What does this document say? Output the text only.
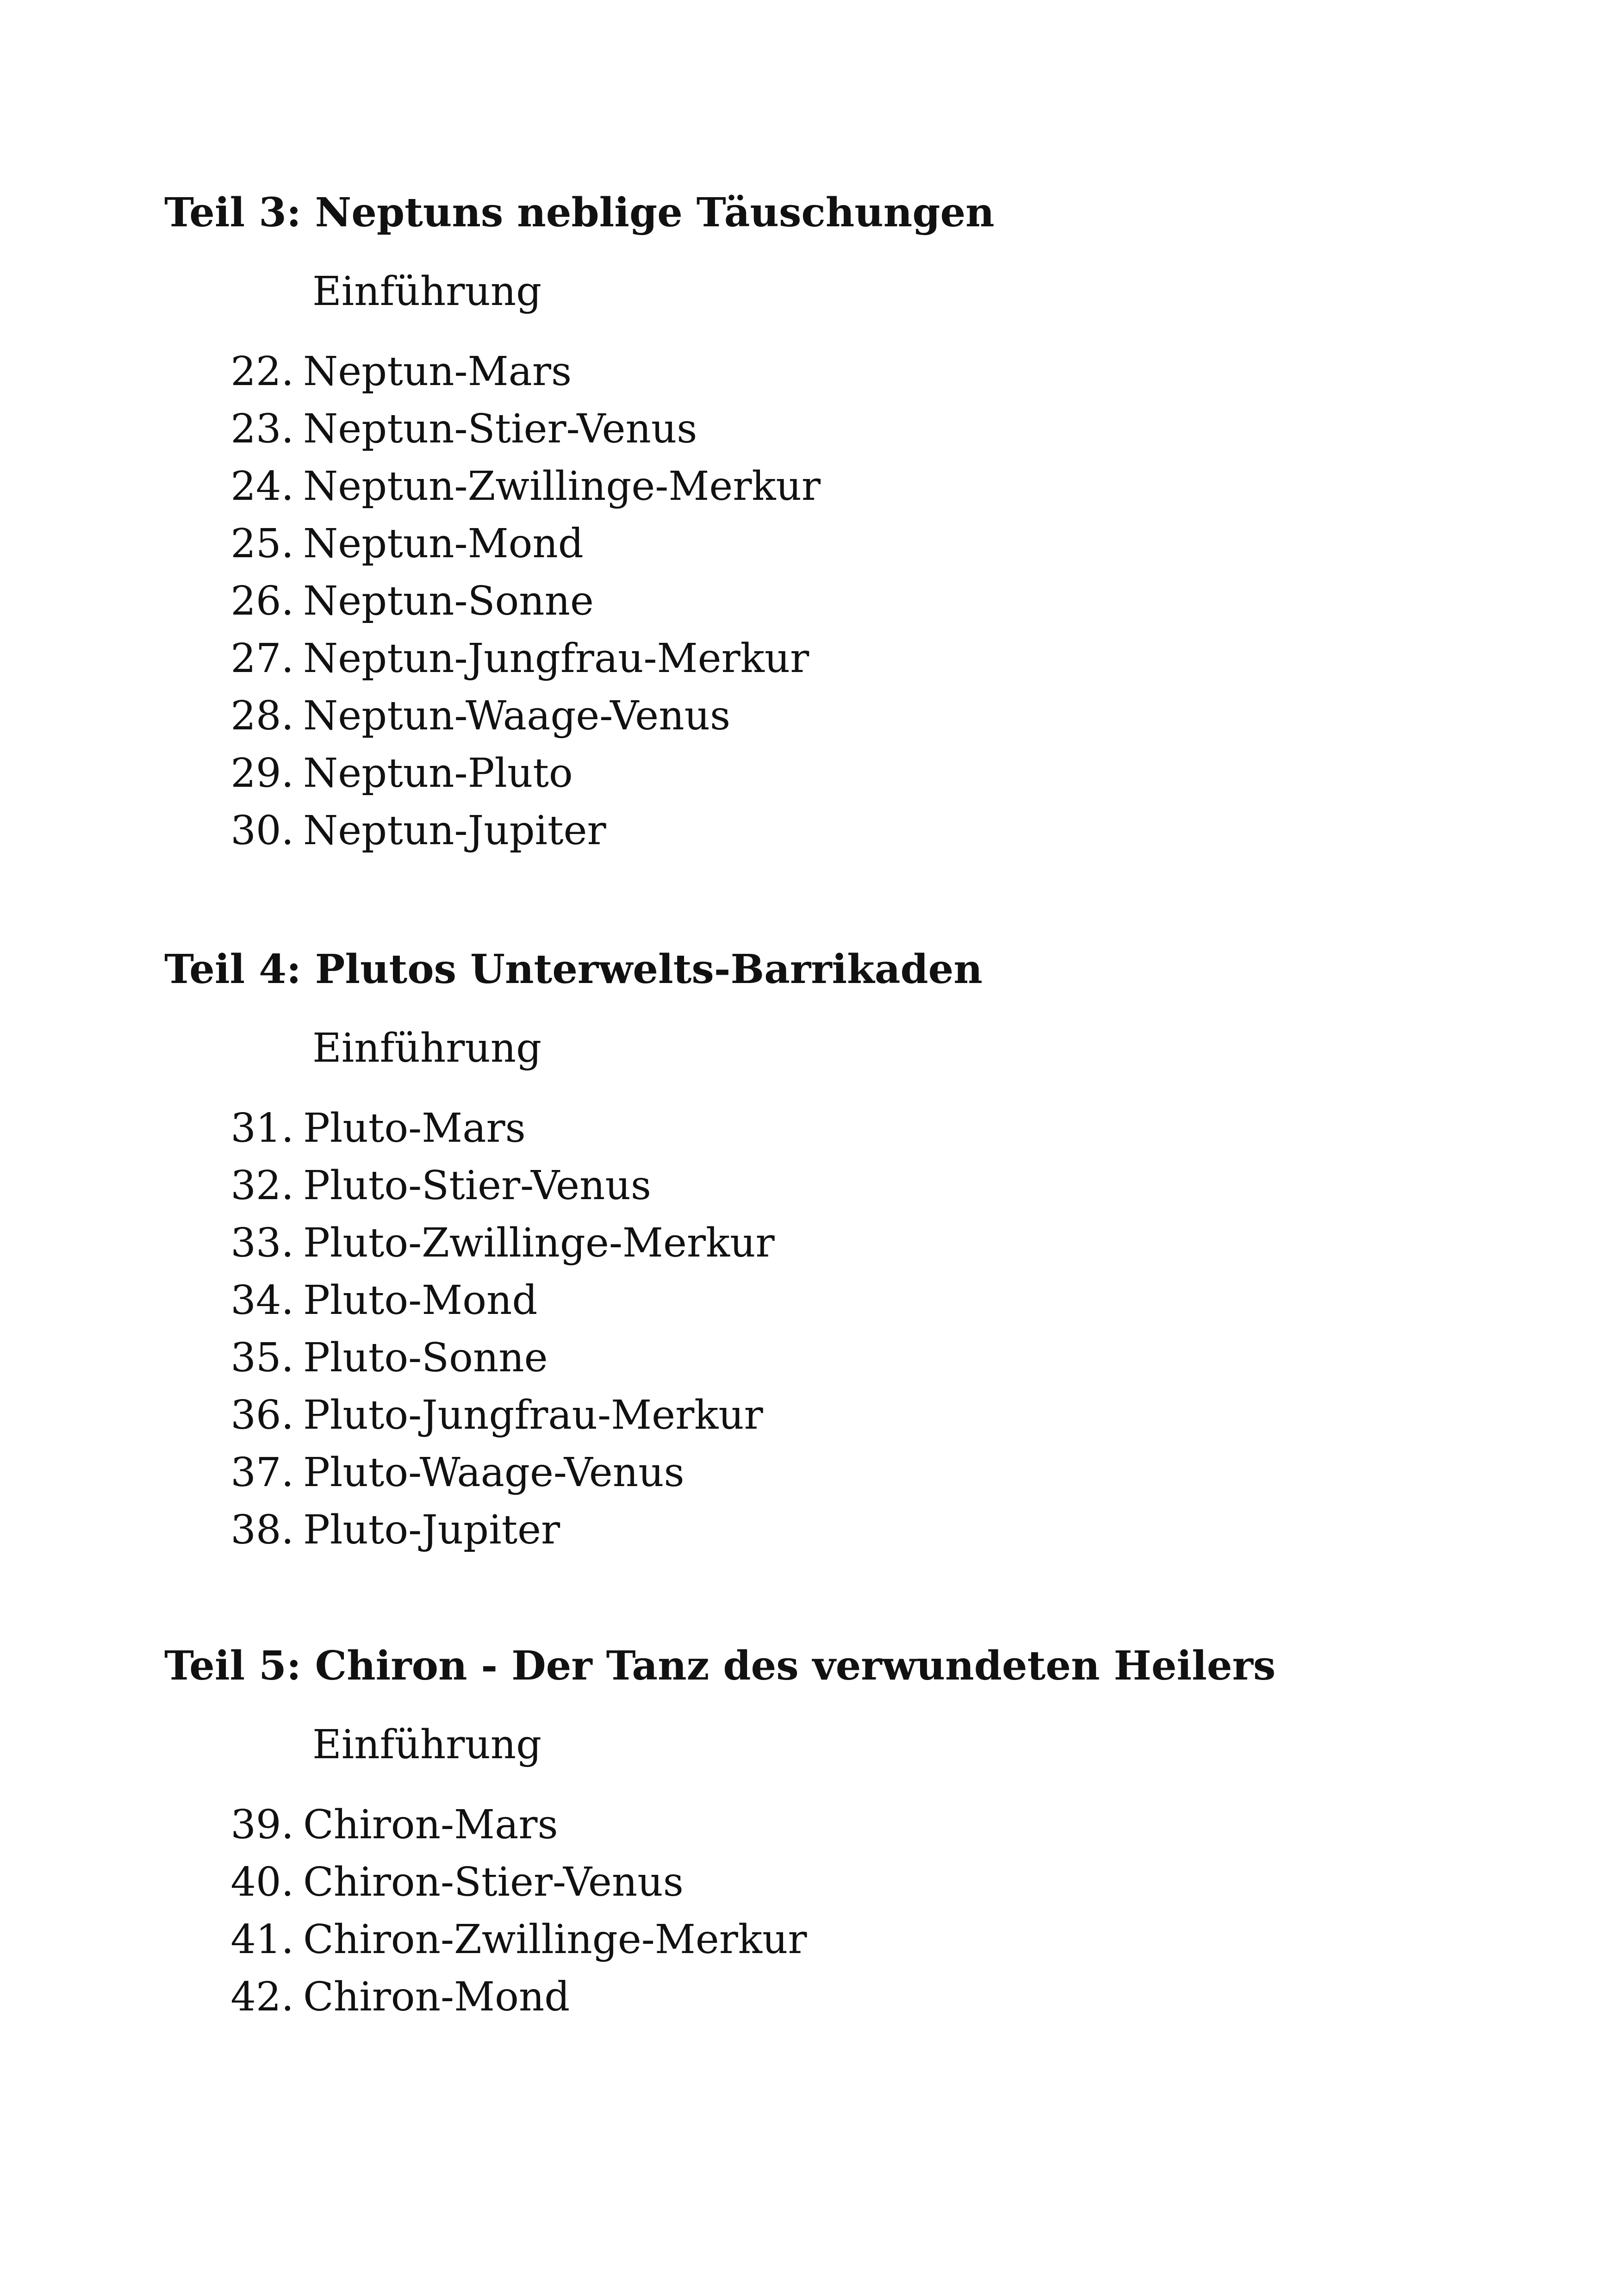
Teil 3: Neptuns neblige Täuschungen
Einführung
22. Neptun-Mars
23. Neptun-Stier-Venus
24. Neptun-Zwillinge-Merkur
25. Neptun-Mond
26. Neptun-Sonne
27. Neptun-Jungfrau-Merkur
28. Neptun-Waage-Venus
29. Neptun-Pluto
30. Neptun-Jupiter
Teil 4: Plutos Unterwelts-Barrikaden
Einführung
31. Pluto-Mars
32. Pluto-Stier-Venus
33. Pluto-Zwillinge-Merkur
34. Pluto-Mond
35. Pluto-Sonne
36. Pluto-Jungfrau-Merkur
37. Pluto-Waage-Venus
38. Pluto-Jupiter
Teil 5: Chiron - Der Tanz des verwundeten Heilers
Einführung
39. Chiron-Mars
40. Chiron-Stier-Venus
41. Chiron-Zwillinge-Merkur
42. Chiron-Mond
